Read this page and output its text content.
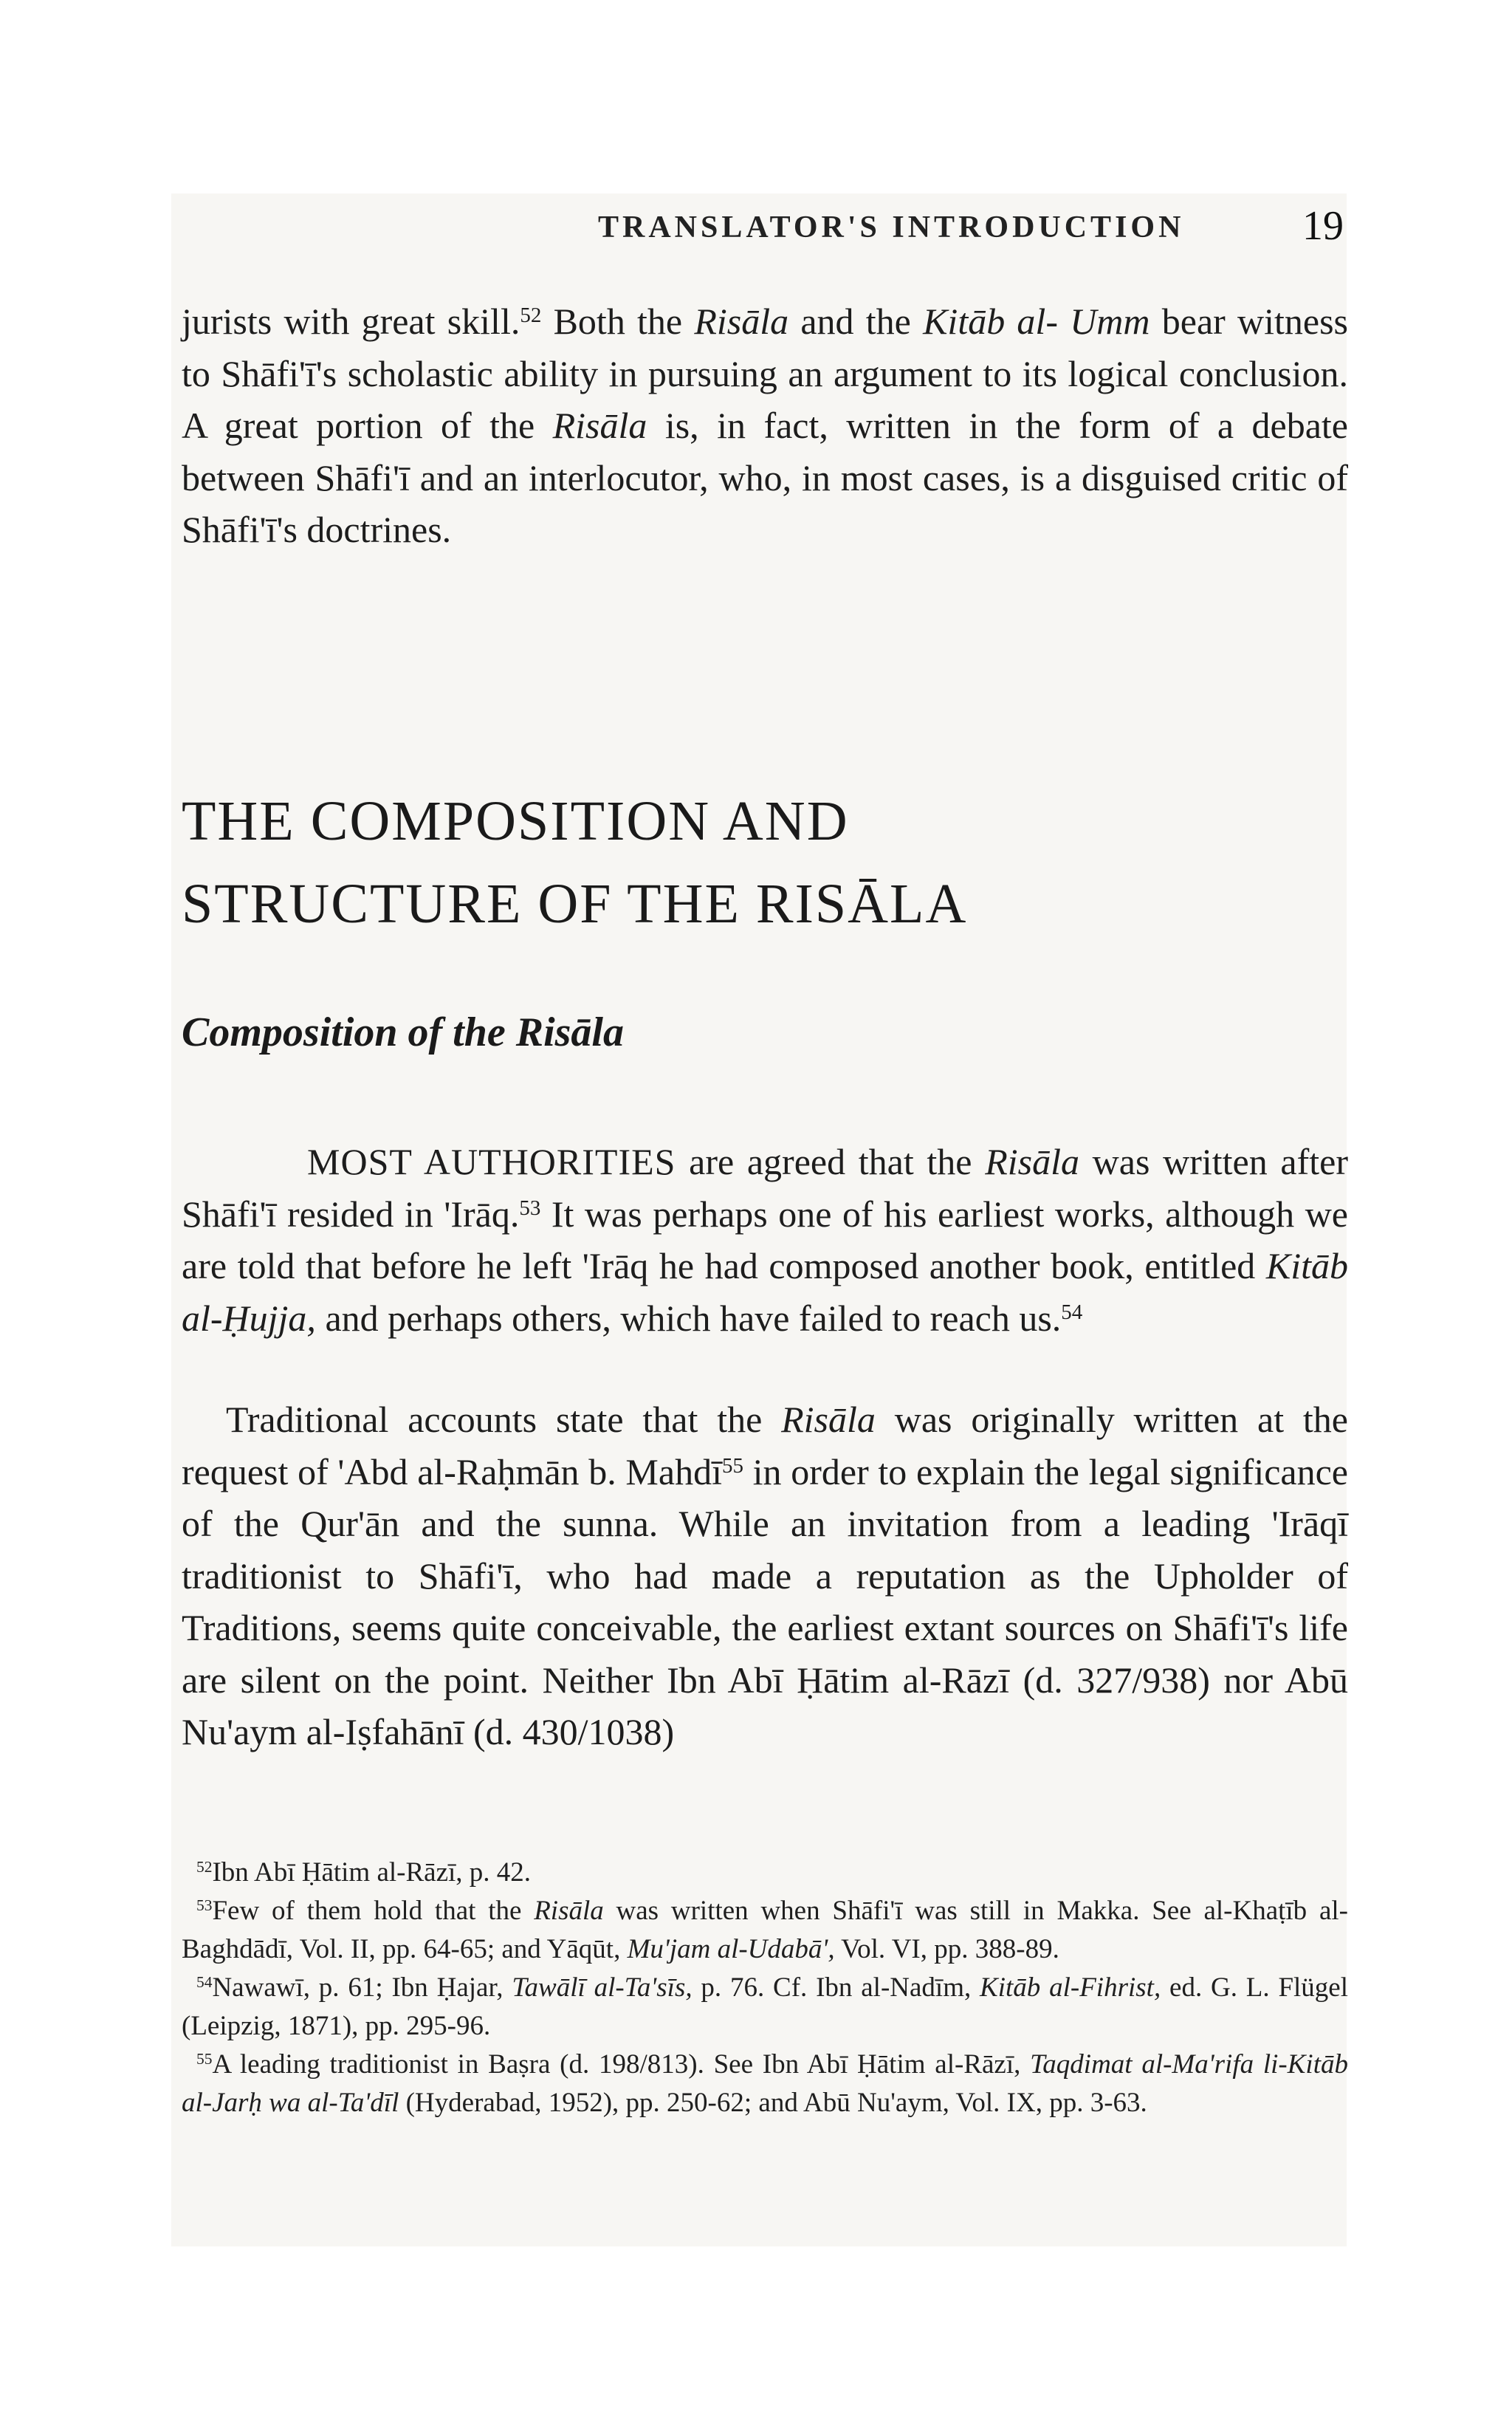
TRANSLATOR'S INTRODUCTION	19

jurists with great skill.$^{52}$ Both the Risāla and the Kitāb al- Umm bear witness to Shāfi'ī's scholastic ability in pursuing an argument to its logical conclusion. A great portion of the Risāla is, in fact, written in the form of a debate between Shāfi'ī and an interlocutor, who, in most cases, is a disguised critic of Shāfi'ī's doctrines.

THE COMPOSITION AND
STRUCTURE OF THE RISĀLA
Composition of the Risāla

MOST AUTHORITIES are agreed that the Risāla was written after Shāfi'ī resided in 'Irāq.$^{53}$ It was perhaps one of his earliest works, although we are told that before he left 'Irāq he had composed another book, entitled Kitāb al-Ḥujja, and perhaps others, which have failed to reach us.$^{54}$

Traditional accounts state that the Risāla was originally written at the request of 'Abd al-Raḥmān b. Mahdī$^{55}$ in order to explain the legal significance of the Qur'ān and the sunna. While an invitation from a leading 'Irāqī traditionist to Shāfi'ī, who had made a reputation as the Upholder of Traditions, seems quite conceivable, the earliest extant sources on Shāfi'ī's life are silent on the point. Neither Ibn Abī Ḥātim al-Rāzī (d. 327/938) nor Abū Nu'aym al-Iṣfahānī (d. 430/1038)

$^{52}$Ibn Abī Ḥātim al-Rāzī, p. 42.

$^{53}$Few of them hold that the Risāla was written when Shāfi'ī was still in Makka. See al-Khaṭīb al-Baghdādī, Vol. II, pp. 64-65; and Yāqūt, Mu'jam al-Udabā', Vol. VI, pp. 388-89.

$^{54}$Nawawī, p. 61; Ibn Ḥajar, Tawālī al-Ta'sīs, p. 76. Cf. Ibn al-Nadīm, Kitāb al-Fihrist, ed. G. L. Flügel (Leipzig, 1871), pp. 295-96.

$^{55}$A leading traditionist in Baṣra (d. 198/813). See Ibn Abī Ḥātim al-Rāzī, Taqdimat al-Ma'rifa li-Kitāb al-Jarḥ wa al-Ta'dīl (Hyderabad, 1952), pp. 250-62; and Abū Nu'aym, Vol. IX, pp. 3-63.
